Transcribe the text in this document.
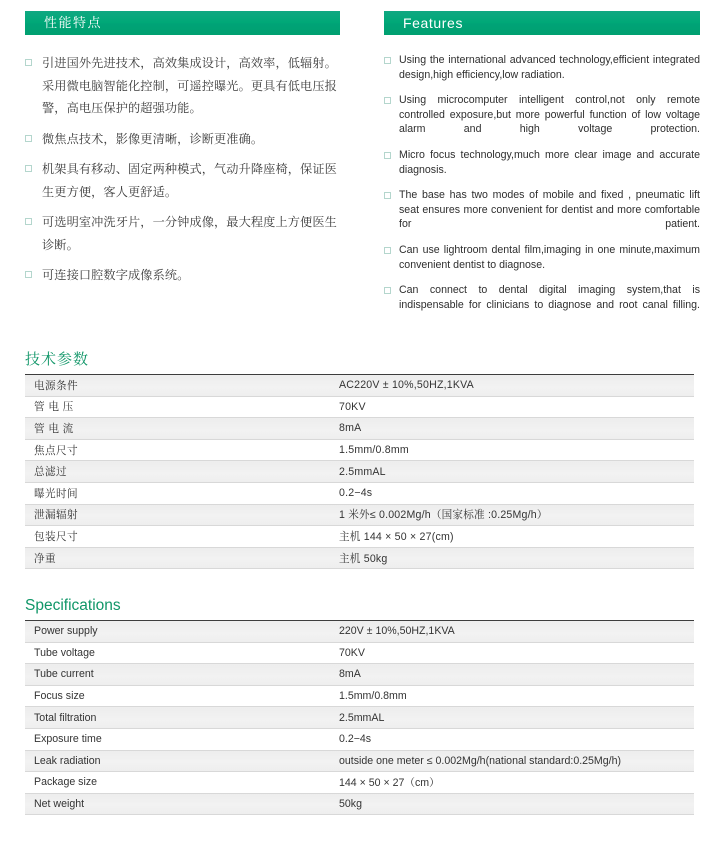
性能特点
引进国外先进技术，高效集成设计，高效率，低辐射。采用微电脑智能化控制，可遥控曝光。更具有低电压报警，高电压保护的超强功能。
微焦点技术，影像更清晰，诊断更准确。
机架具有移动、固定两种模式，气动升降座椅，保证医生更方便，客人更舒适。
可选明室冲洗牙片，一分钟成像，最大程度上方便医生诊断。
可连接口腔数字成像系统。
Features
Using the international advanced technology,efficient integrated design,high efficiency,low radiation.
Using microcomputer intelligent control,not only remote controlled exposure,but more powerful function of low voltage alarm and high voltage protection.
Micro focus technology,much more clear image and accurate diagnosis.
The base has two modes of mobile and fixed , pneumatic lift seat ensures more convenient for dentist and more comfortable for patient.
Can use lightroom dental film,imaging in one minute,maximum convenient dentist to diagnose.
Can connect to dental digital imaging system,that is indispensable for clinicians to diagnose and root canal filling.
技术参数
电源条件	AC220V ± 10%,50HZ,1KVA
管 电 压	70KV
管 电 流	8mA
焦点尺寸	1.5mm/0.8mm
总滤过	2.5mmAL
曝光时间	0.2−4s
泄漏辐射	1 米外≤ 0.002Mg/h（国家标准 :0.25Mg/h）
包装尺寸	主机 144 × 50 × 27(cm)
净重	主机 50kg
Specifications
Power supply	220V ± 10%,50HZ,1KVA
Tube voltage	70KV
Tube current	8mA
Focus size	1.5mm/0.8mm
Total filtration	2.5mmAL
Exposure time	0.2−4s
Leak radiation	outside one meter ≤ 0.002Mg/h(national standard:0.25Mg/h)
Package size	144 × 50 × 27（cm）
Net weight	50kg
